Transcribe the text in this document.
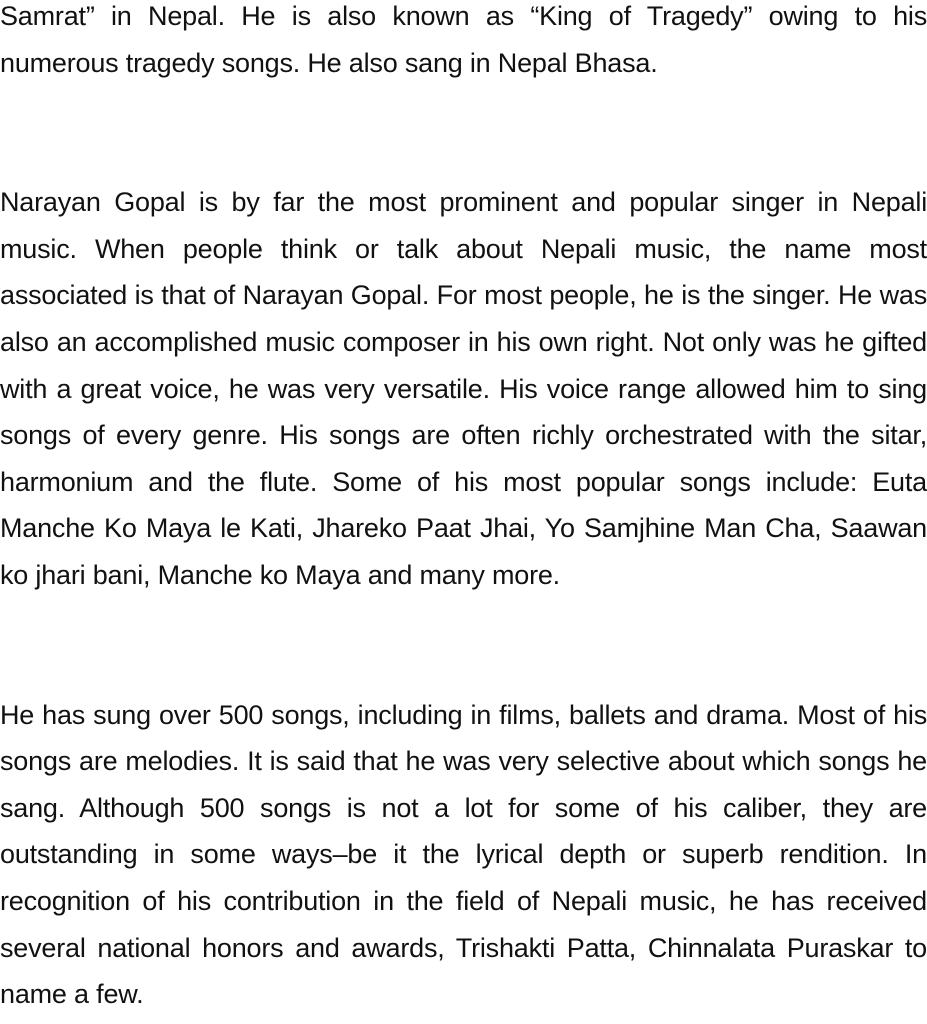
Samrat” in Nepal. He is also known as “King of Tragedy” owing to his numerous tragedy songs. He also sang in Nepal Bhasa.

Narayan Gopal is by far the most prominent and popular singer in Nepali music. When people think or talk about Nepali music, the name most associated is that of Narayan Gopal. For most people, he is the singer. He was also an accomplished music composer in his own right. Not only was he gifted with a great voice, he was very versatile. His voice range allowed him to sing songs of every genre. His songs are often richly orchestrated with the sitar, harmonium and the flute. Some of his most popular songs include: Euta Manche Ko Maya le Kati, Jhareko Paat Jhai, Yo Samjhine Man Cha, Saawan ko jhari bani, Manche ko Maya and many more.

He has sung over 500 songs, including in films, ballets and drama. Most of his songs are melodies. It is said that he was very selective about which songs he sang. Although 500 songs is not a lot for some of his caliber, they are outstanding in some ways–be it the lyrical depth or superb rendition. In recognition of his contribution in the field of Nepali music, he has received several national honors and awards, Trishakti Patta, Chinnalata Puraskar to name a few.
